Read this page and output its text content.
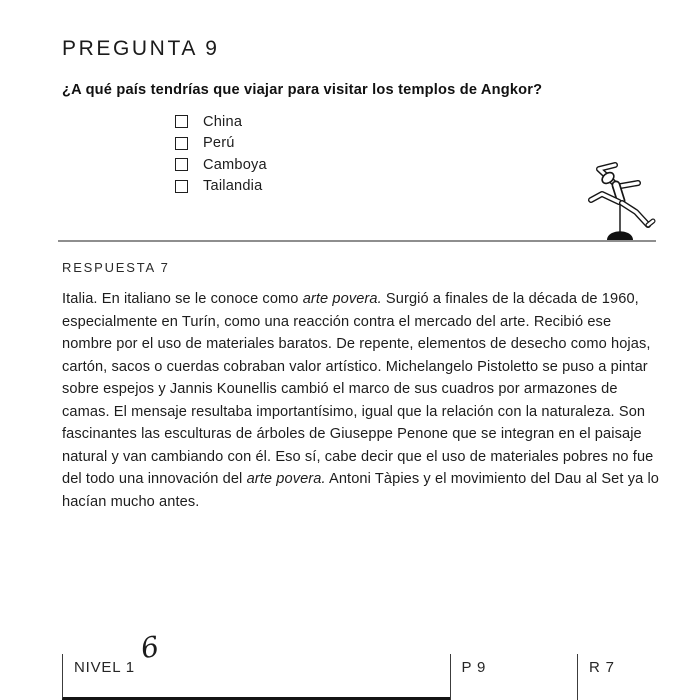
PREGUNTA 9
¿A qué país tendrías que viajar para visitar los templos de Angkor?
China
Perú
Camboya
Tailandia
RESPUESTA 7
Italia. En italiano se le conoce como arte povera. Surgió a finales de la década de 1960,
especialmente en Turín, como una reacción contra el mercado del arte. Recibió ese
nombre por el uso de materiales baratos. De repente, elementos de desecho como hojas,
cartón, sacos o cuerdas cobraban valor artístico. Michelangelo Pistoletto se puso a pintar
sobre espejos y Jannis Kounellis cambió el marco de sus cuadros por armazones de
camas. El mensaje resultaba importantísimo, igual que la relación con la naturaleza. Son
fascinantes las esculturas de árboles de Giuseppe Penone que se integran en el paisaje
natural y van cambiando con él. Eso sí, cabe decir que el uso de materiales pobres no fue
del todo una innovación del arte povera. Antoni Tàpies y el movimiento del Dau al Set ya lo
hacían mucho antes.
NIVEL 1	P 9	R 7
6
